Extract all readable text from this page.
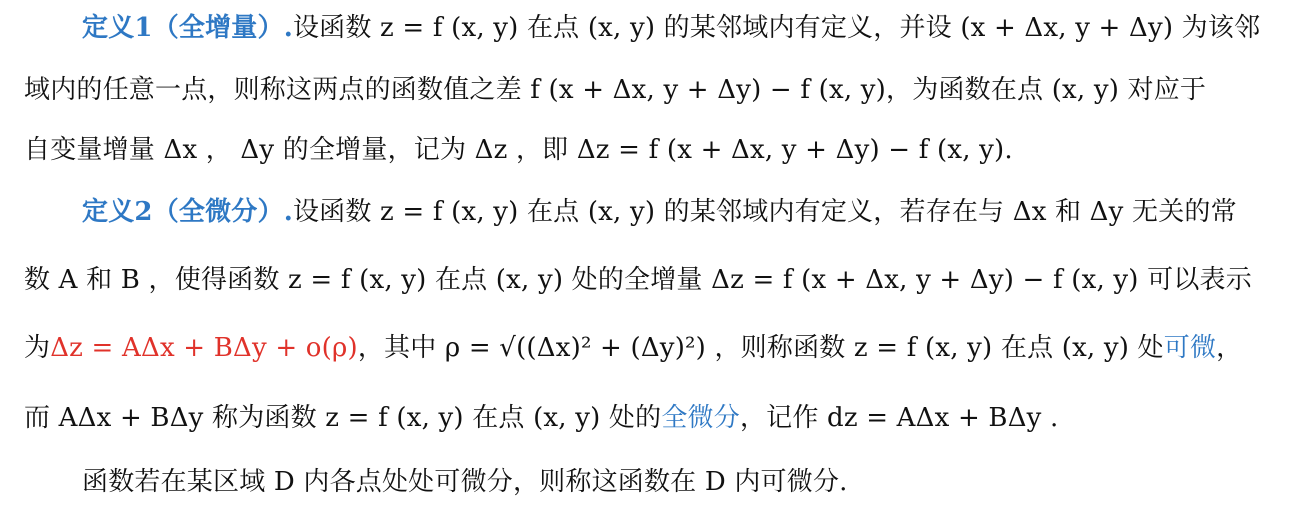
定义1（全增量）.设函数 z = f (x, y) 在点 (x, y) 的某邻域内有定义，并设 (x + Δx, y + Δy) 为该邻
域内的任意一点，则称这两点的函数值之差 f (x + Δx, y + Δy) − f (x, y)，为函数在点 (x, y) 对应于
自变量增量 Δx ， Δy 的全增量，记为 Δz ，即 Δz = f (x + Δx, y + Δy) − f (x, y).
定义2（全微分）.设函数 z = f (x, y) 在点 (x, y) 的某邻域内有定义，若存在与 Δx 和 Δy 无关的常
数 A 和 B ，使得函数 z = f (x, y) 在点 (x, y) 处的全增量 Δz = f (x + Δx, y + Δy) − f (x, y) 可以表示
为Δz = AΔx + BΔy + o(ρ)，其中 ρ = √((Δx)² + (Δy)²) ，则称函数 z = f (x, y) 在点 (x, y) 处可微，
而 AΔx + BΔy 称为函数 z = f (x, y) 在点 (x, y) 处的全微分，记作 dz = AΔx + BΔy .
函数若在某区域 D 内各点处处可微分，则称这函数在 D 内可微分.
